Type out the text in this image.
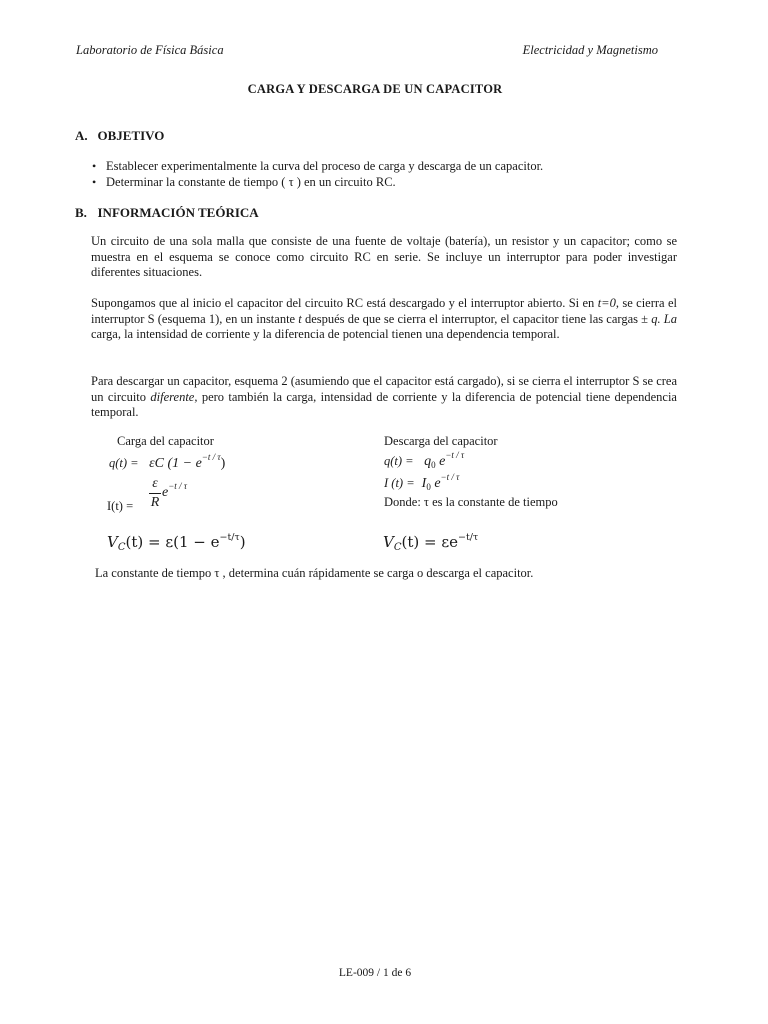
Laboratorio de Física Básica	Electricidad y Magnetismo
CARGA Y DESCARGA DE UN CAPACITOR
A. OBJETIVO
• Establecer experimentalmente la curva del proceso de carga y descarga de un capacitor.
• Determinar la constante de tiempo ( τ ) en un circuito RC.
B. INFORMACIÓN TEÓRICA

Un circuito de una sola malla que consiste de una fuente de voltaje (batería), un resistor y un capacitor; como se muestra en el esquema se conoce como circuito RC en serie. Se incluye un interruptor para poder investigar diferentes situaciones.

Supongamos que al inicio el capacitor del circuito RC está descargado y el interruptor abierto. Si en t=0, se cierra el interruptor S (esquema 1), en un instante t después de que se cierra el interruptor, el capacitor tiene las cargas ± q. La carga, la intensidad de corriente y la diferencia de potencial tienen una dependencia temporal.

Para descargar un capacitor, esquema 2 (asumiendo que el capacitor está cargado), si se cierra el interruptor S se crea un circuito diferente, pero también la carga, intensidad de corriente y la diferencia de potencial tiene dependencia temporal.

Carga del capacitor
q(t) = εC $(1 - e^{-t / \tau})$
ε
R
$e^{-t / \tau}$
I(t) =
$V_C(t) = \varepsilon(1 - e^{-t/\tau})$
Descarga del capacitor
$q(t) = q_0$ $e^{-t / \tau}$
I $(t) = I_0$ $e^{-t / \tau}$
Donde: τ es la constante de tiempo
$V_C(t) = \varepsilon e^{-t/\tau}$
La constante de tiempo τ , determina cuán rápidamente se carga o descarga el capacitor.
LE-009 / 1 de 6
